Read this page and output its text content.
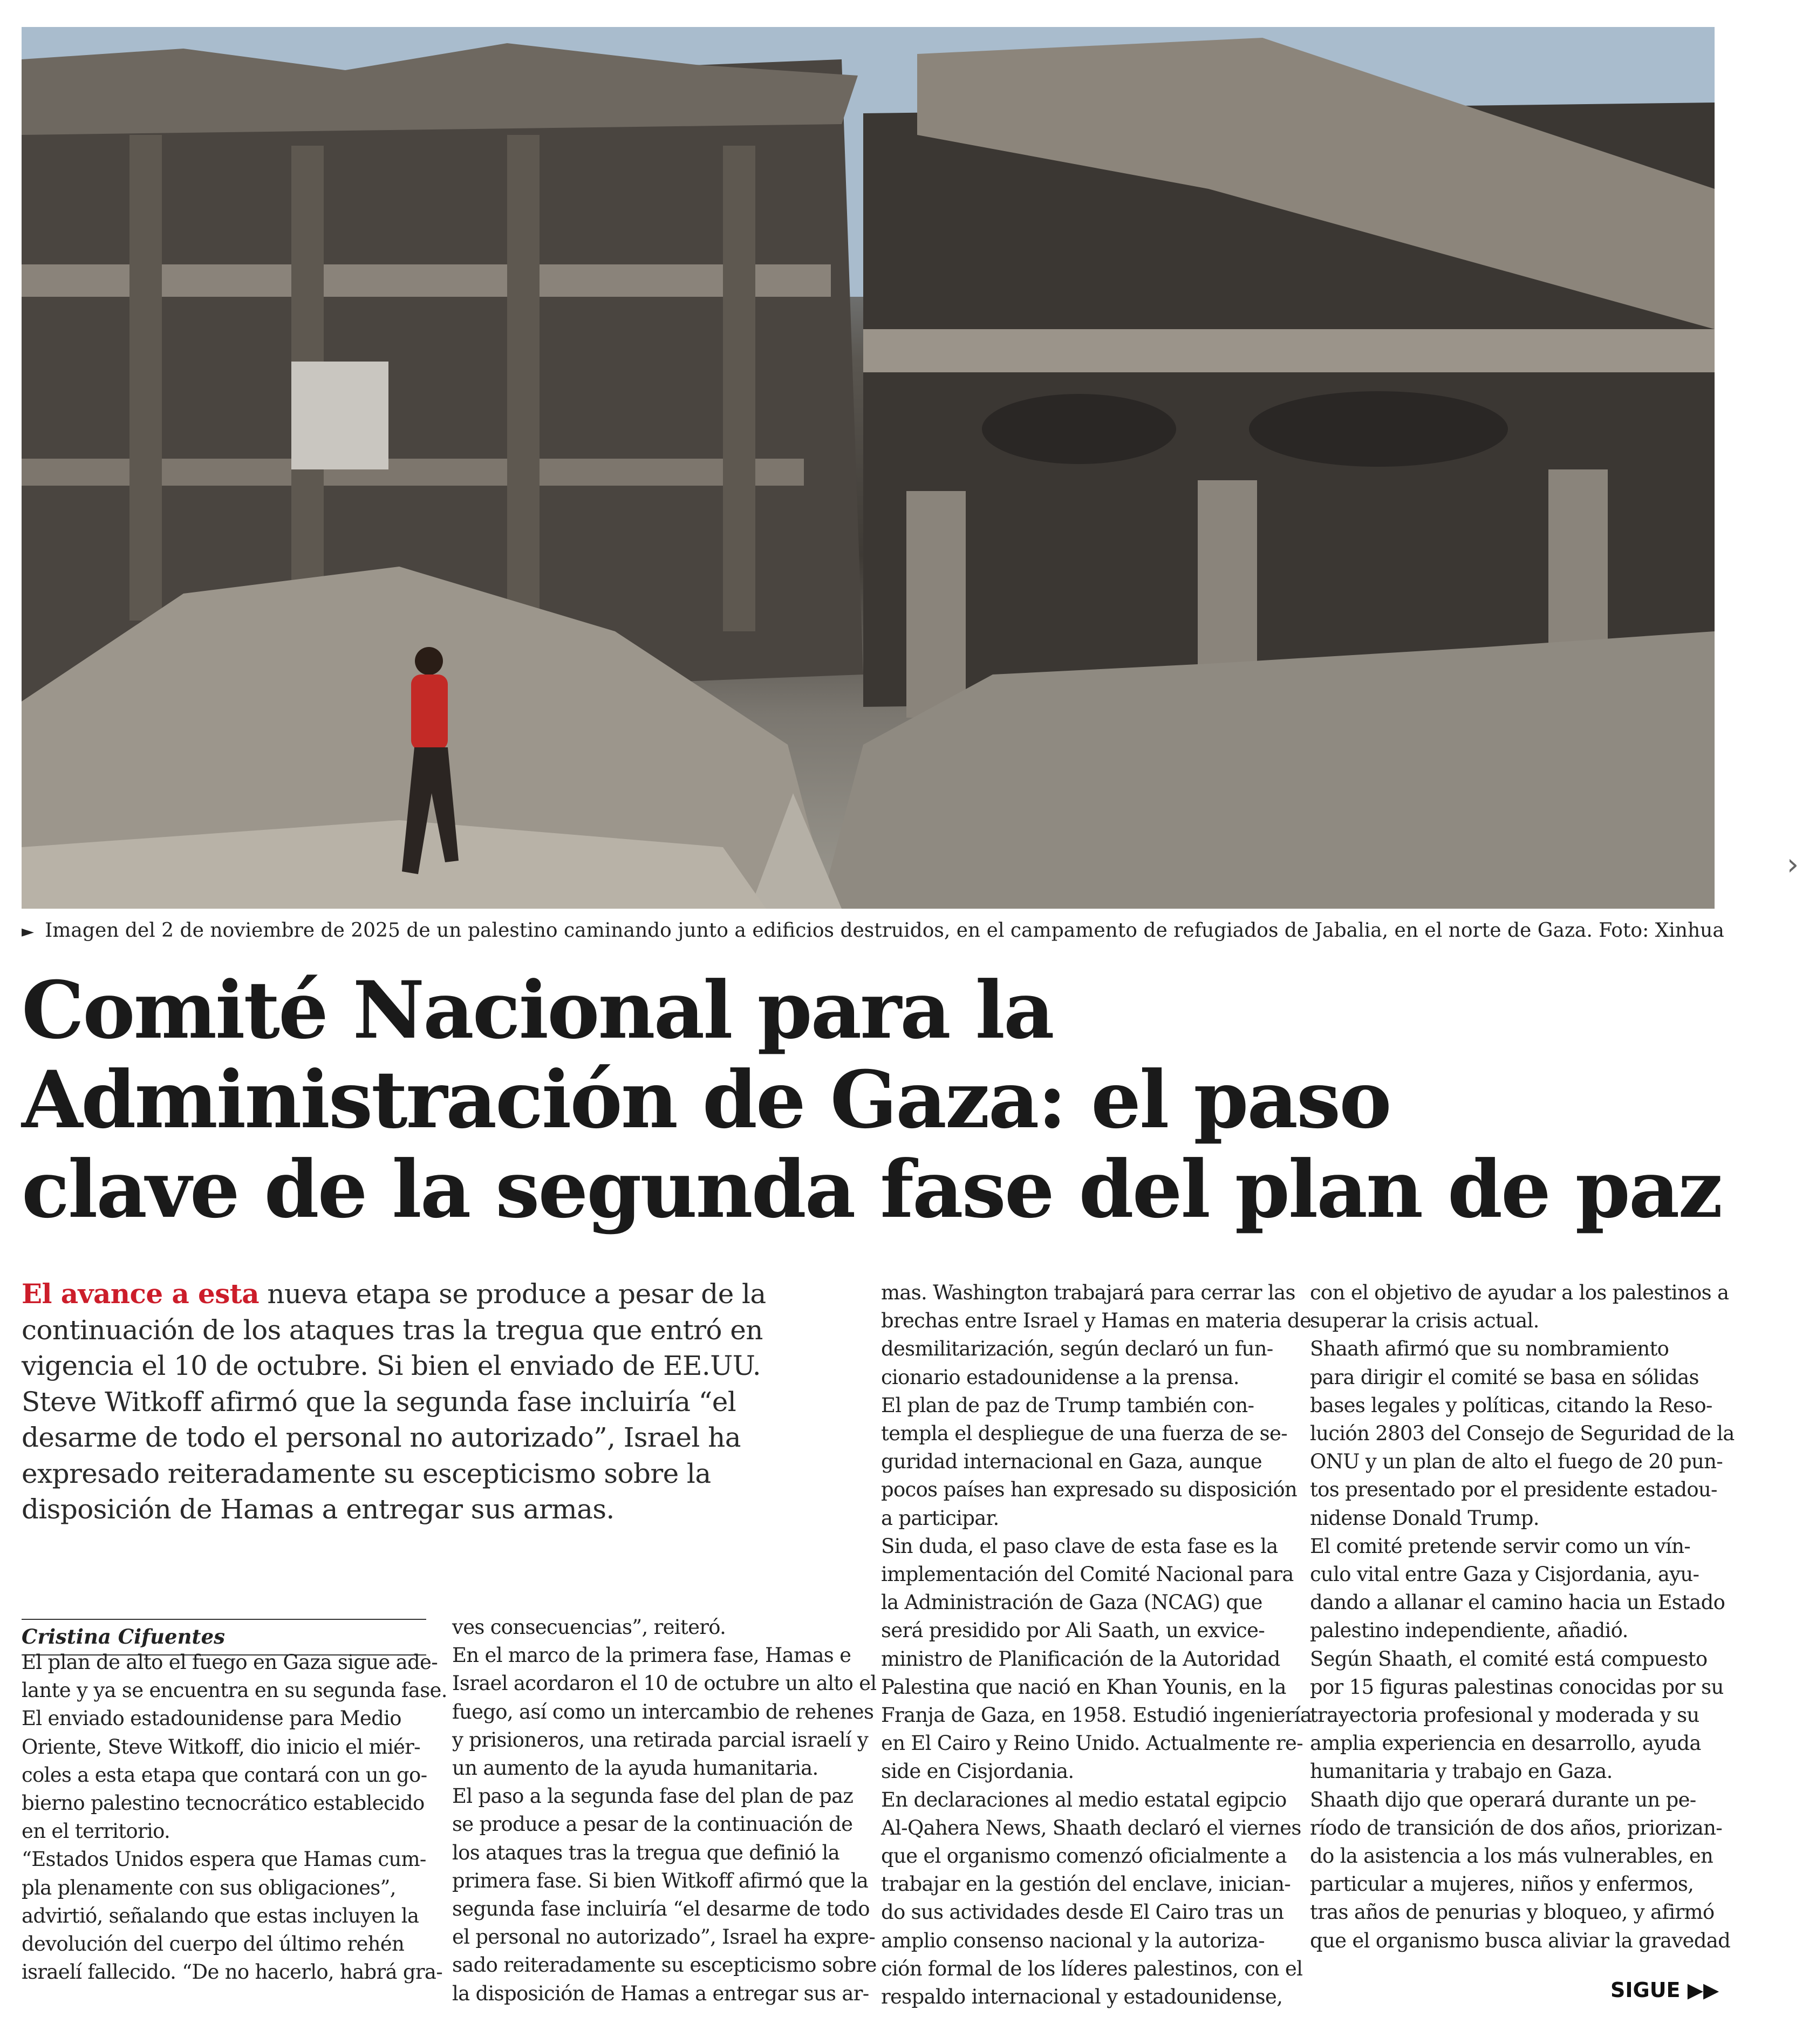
► Imagen del 2 de noviembre de 2025 de un palestino caminando junto a edificios destruidos, en el campamento de refugiados de Jabalia, en el norte de Gaza. Foto: Xinhua
›
Comité Nacional para la
Administración de Gaza: el paso
clave de la segunda fase del plan de paz

El avance a esta nueva etapa se produce a pesar de la

continuación de los ataques tras la tregua que entró en

vigencia el 10 de octubre. Si bien el enviado de EE.UU.

Steve Witkoff afirmó que la segunda fase incluiría “el

desarme de todo el personal no autorizado”, Israel ha

expresado reiteradamente su escepticismo sobre la

disposición de Hamas a entregar sus armas.

Cristina Cifuentes

El plan de alto el fuego en Gaza sigue ade-

lante y ya se encuentra en su segunda fase.

El enviado estadounidense para Medio

Oriente, Steve Witkoff, dio inicio el miér-

coles a esta etapa que contará con un go-

bierno palestino tecnocrático establecido

en el territorio.

“Estados Unidos espera que Hamas cum-

pla plenamente con sus obligaciones”,

advirtió, señalando que estas incluyen la

devolución del cuerpo del último rehén

israelí fallecido. “De no hacerlo, habrá gra-

ves consecuencias”, reiteró.

En el marco de la primera fase, Hamas e

Israel acordaron el 10 de octubre un alto el

fuego, así como un intercambio de rehenes

y prisioneros, una retirada parcial israelí y

un aumento de la ayuda humanitaria.

El paso a la segunda fase del plan de paz

se produce a pesar de la continuación de

los ataques tras la tregua que definió la

primera fase. Si bien Witkoff afirmó que la

segunda fase incluiría “el desarme de todo

el personal no autorizado”, Israel ha expre-

sado reiteradamente su escepticismo sobre

la disposición de Hamas a entregar sus ar-

mas. Washington trabajará para cerrar las

brechas entre Israel y Hamas en materia de

desmilitarización, según declaró un fun-

cionario estadounidense a la prensa.

El plan de paz de Trump también con-

templa el despliegue de una fuerza de se-

guridad internacional en Gaza, aunque

pocos países han expresado su disposición

a participar.

Sin duda, el paso clave de esta fase es la

implementación del Comité Nacional para

la Administración de Gaza (NCAG) que

será presidido por Ali Saath, un exvice-

ministro de Planificación de la Autoridad

Palestina que nació en Khan Younis, en la

Franja de Gaza, en 1958. Estudió ingeniería

en El Cairo y Reino Unido. Actualmente re-

side en Cisjordania.

En declaraciones al medio estatal egipcio

Al-Qahera News, Shaath declaró el viernes

que el organismo comenzó oficialmente a

trabajar en la gestión del enclave, inician-

do sus actividades desde El Cairo tras un

amplio consenso nacional y la autoriza-

ción formal de los líderes palestinos, con el

respaldo internacional y estadounidense,

con el objetivo de ayudar a los palestinos a

superar la crisis actual.

Shaath afirmó que su nombramiento

para dirigir el comité se basa en sólidas

bases legales y políticas, citando la Reso-

lución 2803 del Consejo de Seguridad de la

ONU y un plan de alto el fuego de 20 pun-

tos presentado por el presidente estadou-

nidense Donald Trump.

El comité pretende servir como un vín-

culo vital entre Gaza y Cisjordania, ayu-

dando a allanar el camino hacia un Estado

palestino independiente, añadió.

Según Shaath, el comité está compuesto

por 15 figuras palestinas conocidas por su

trayectoria profesional y moderada y su

amplia experiencia en desarrollo, ayuda

humanitaria y trabajo en Gaza.

Shaath dijo que operará durante un pe-

ríodo de transición de dos años, priorizan-

do la asistencia a los más vulnerables, en

particular a mujeres, niños y enfermos,

tras años de penurias y bloqueo, y afirmó

que el organismo busca aliviar la gravedad

SIGUE ▶▶
